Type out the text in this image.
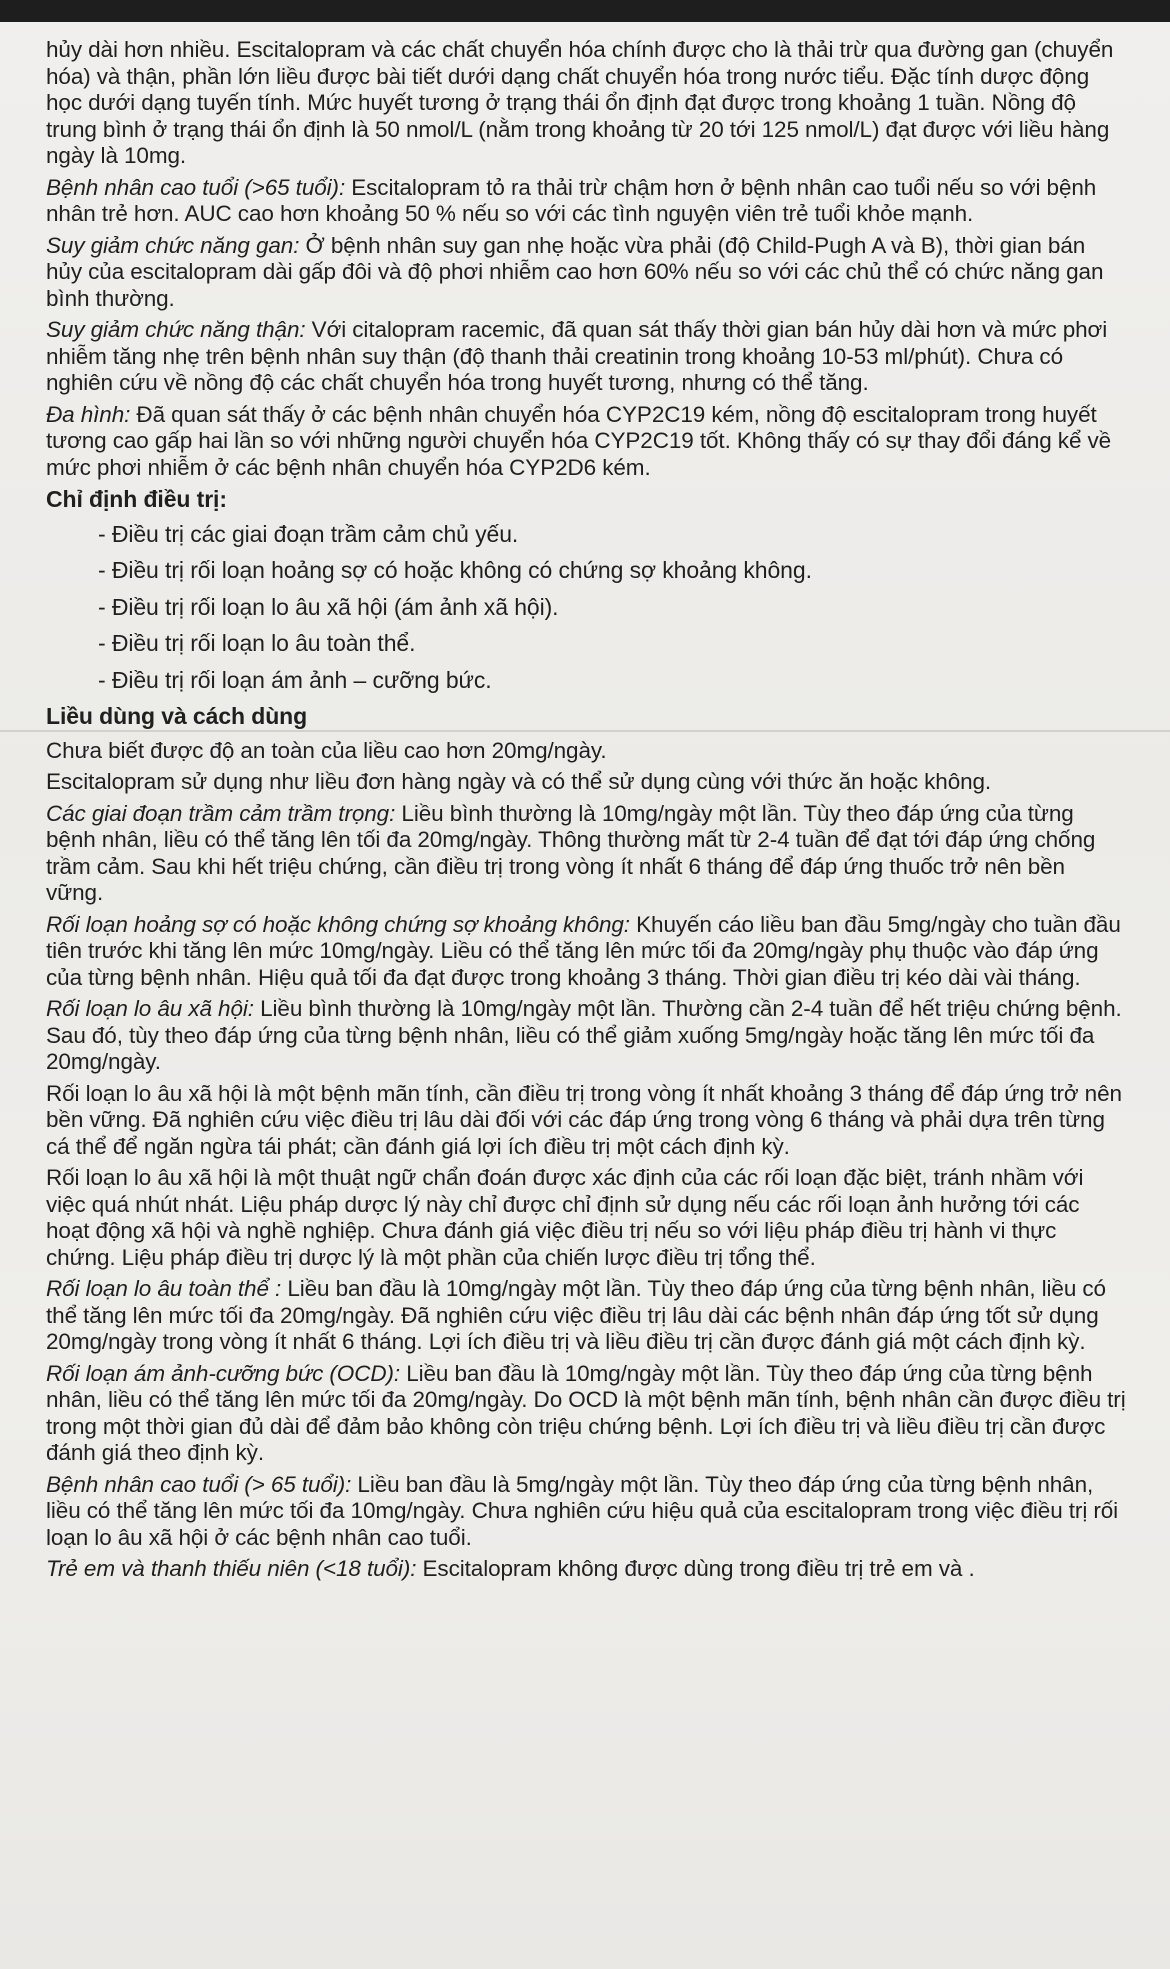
hủy dài hơn nhiều. Escitalopram và các chất chuyển hóa chính được cho là thải trừ qua đường gan (chuyển hóa) và thận, phần lớn liều được bài tiết dưới dạng chất chuyển hóa trong nước tiểu. Đặc tính dược động học dưới dạng tuyến tính. Mức huyết tương ở trạng thái ổn định đạt được trong khoảng 1 tuần. Nồng độ trung bình ở trạng thái ổn định là 50 nmol/L (nằm trong khoảng từ 20 tới 125 nmol/L) đạt được với liều hàng ngày là 10mg.

Bệnh nhân cao tuổi (>65 tuổi): Escitalopram tỏ ra thải trừ chậm hơn ở bệnh nhân cao tuổi nếu so với bệnh nhân trẻ hơn. AUC cao hơn khoảng 50 % nếu so với các tình nguyện viên trẻ tuổi khỏe mạnh.

Suy giảm chức năng gan: Ở bệnh nhân suy gan nhẹ hoặc vừa phải (độ Child-Pugh A và B), thời gian bán hủy của escitalopram dài gấp đôi và độ phơi nhiễm cao hơn 60% nếu so với các chủ thể có chức năng gan bình thường.

Suy giảm chức năng thận: Với citalopram racemic, đã quan sát thấy thời gian bán hủy dài hơn và mức phơi nhiễm tăng nhẹ trên bệnh nhân suy thận (độ thanh thải creatinin trong khoảng 10-53 ml/phút). Chưa có nghiên cứu về nồng độ các chất chuyển hóa trong huyết tương, nhưng có thể tăng.

Đa hình: Đã quan sát thấy ở các bệnh nhân chuyển hóa CYP2C19 kém, nồng độ escitalopram trong huyết tương cao gấp hai lần so với những người chuyển hóa CYP2C19 tốt. Không thấy có sự thay đổi đáng kể về mức phơi nhiễm ở các bệnh nhân chuyển hóa CYP2D6 kém.

Chỉ định điều trị:
- Điều trị các giai đoạn trầm cảm chủ yếu.
- Điều trị rối loạn hoảng sợ có hoặc không có chứng sợ khoảng không.
- Điều trị rối loạn lo âu xã hội (ám ảnh xã hội).
- Điều trị rối loạn lo âu toàn thể.
- Điều trị rối loạn ám ảnh – cưỡng bức.
Liều dùng và cách dùng

Chưa biết được độ an toàn của liều cao hơn 20mg/ngày.

Escitalopram sử dụng như liều đơn hàng ngày và có thể sử dụng cùng với thức ăn hoặc không.

Các giai đoạn trầm cảm trầm trọng: Liều bình thường là 10mg/ngày một lần. Tùy theo đáp ứng của từng bệnh nhân, liều có thể tăng lên tối đa 20mg/ngày. Thông thường mất từ 2-4 tuần để đạt tới đáp ứng chống trầm cảm. Sau khi hết triệu chứng, cần điều trị trong vòng ít nhất 6 tháng để đáp ứng thuốc trở nên bền vững.

Rối loạn hoảng sợ có hoặc không chứng sợ khoảng không: Khuyến cáo liều ban đầu 5mg/ngày cho tuần đầu tiên trước khi tăng lên mức 10mg/ngày. Liều có thể tăng lên mức tối đa 20mg/ngày phụ thuộc vào đáp ứng của từng bệnh nhân. Hiệu quả tối đa đạt được trong khoảng 3 tháng. Thời gian điều trị kéo dài vài tháng.

Rối loạn lo âu xã hội: Liều bình thường là 10mg/ngày một lần. Thường cần 2-4 tuần để hết triệu chứng bệnh. Sau đó, tùy theo đáp ứng của từng bệnh nhân, liều có thể giảm xuống 5mg/ngày hoặc tăng lên mức tối đa 20mg/ngày.

Rối loạn lo âu xã hội là một bệnh mãn tính, cần điều trị trong vòng ít nhất khoảng 3 tháng để đáp ứng trở nên bền vững. Đã nghiên cứu việc điều trị lâu dài đối với các đáp ứng trong vòng 6 tháng và phải dựa trên từng cá thể để ngăn ngừa tái phát; cần đánh giá lợi ích điều trị một cách định kỳ.

Rối loạn lo âu xã hội là một thuật ngữ chẩn đoán được xác định của các rối loạn đặc biệt, tránh nhầm với việc quá nhút nhát. Liệu pháp dược lý này chỉ được chỉ định sử dụng nếu các rối loạn ảnh hưởng tới các hoạt động xã hội và nghề nghiệp. Chưa đánh giá việc điều trị nếu so với liệu pháp điều trị hành vi thực chứng. Liệu pháp điều trị dược lý là một phần của chiến lược điều trị tổng thể.

Rối loạn lo âu toàn thể : Liều ban đầu là 10mg/ngày một lần. Tùy theo đáp ứng của từng bệnh nhân, liều có thể tăng lên mức tối đa 20mg/ngày. Đã nghiên cứu việc điều trị lâu dài các bệnh nhân đáp ứng tốt sử dụng 20mg/ngày trong vòng ít nhất 6 tháng. Lợi ích điều trị và liều điều trị cần được đánh giá một cách định kỳ.

Rối loạn ám ảnh-cưỡng bức (OCD): Liều ban đầu là 10mg/ngày một lần. Tùy theo đáp ứng của từng bệnh nhân, liều có thể tăng lên mức tối đa 20mg/ngày. Do OCD là một bệnh mãn tính, bệnh nhân cần được điều trị trong một thời gian đủ dài để đảm bảo không còn triệu chứng bệnh. Lợi ích điều trị và liều điều trị cần được đánh giá theo định kỳ.

Bệnh nhân cao tuổi (> 65 tuổi): Liều ban đầu là 5mg/ngày một lần. Tùy theo đáp ứng của từng bệnh nhân, liều có thể tăng lên mức tối đa 10mg/ngày. Chưa nghiên cứu hiệu quả của escitalopram trong việc điều trị rối loạn lo âu xã hội ở các bệnh nhân cao tuổi.

Trẻ em và thanh thiếu niên (<18 tuổi): Escitalopram không được dùng trong điều trị trẻ em và .
